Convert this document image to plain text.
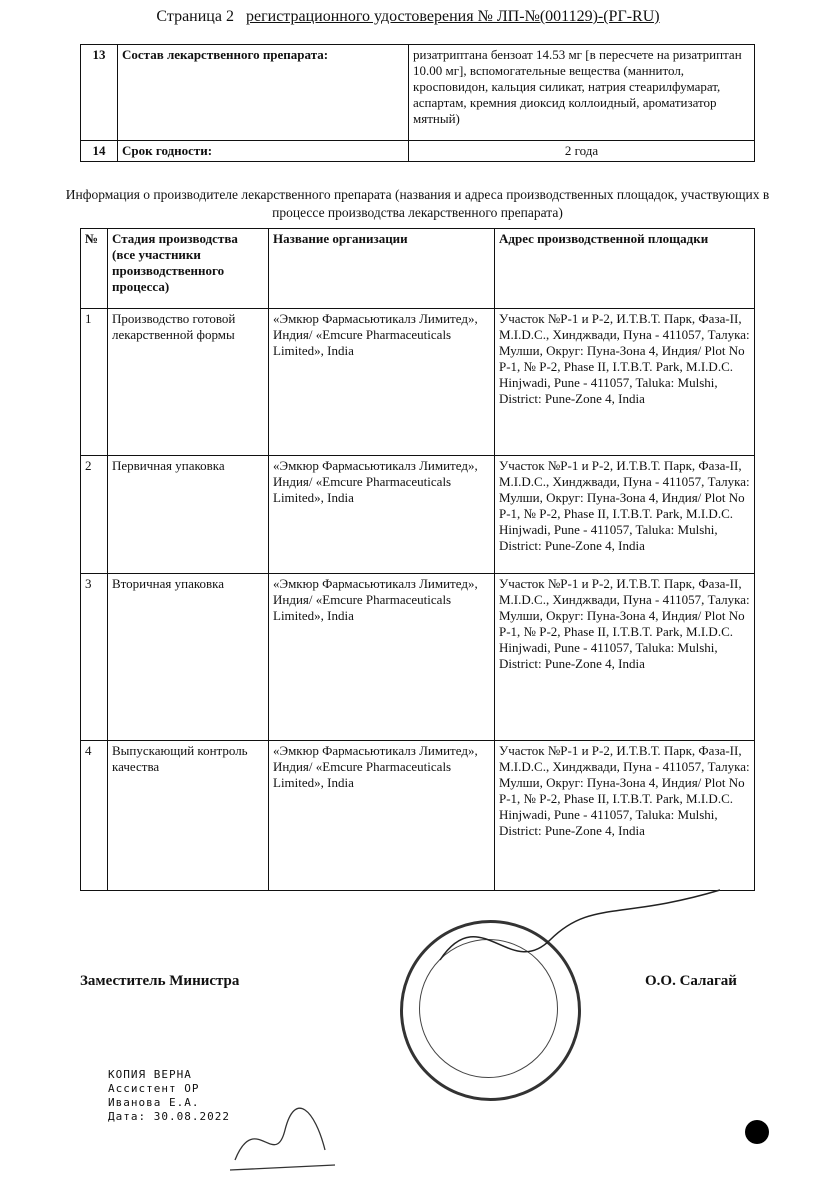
Страница 2 регистрационного удостоверения № ЛП-№(001129)-(РГ-RU)
13	Состав лекарственного препарата:	ризатриптана бензоат 14.53 мг [в пересчете на ризатриптан 10.00 мг], вспомогательные вещества (маннитол, кросповидон, кальция силикат, натрия стеарилфумарат, аспартам, кремния диоксид коллоидный, ароматизатор мятный)
14	Срок годности:	2 года
Информация о производителе лекарственного препарата (названия и адреса производственных площадок, участвующих в процессе производства лекарственного препарата)
№	Стадия производства (все участники производственного процесса)	Название организации	Адрес производственной площадки
1	Производство готовой лекарственной формы	«Эмкюр Фармасьютикалз Лимитед», Индия/ «Emcure Pharmaceuticals Limited», India	Участок №P-1 и P-2, И.Т.В.Т. Парк, Фаза-II, M.I.D.C., Хинджвади, Пуна - 411057, Талука: Мулши, Округ: Пуна-Зона 4, Индия/ Plot No P-1, № P-2, Phase II, I.T.B.T. Park, M.I.D.C. Hinjwadi, Pune - 411057, Taluka: Mulshi, District: Pune-Zone 4, India
2	Первичная упаковка	«Эмкюр Фармасьютикалз Лимитед», Индия/ «Emcure Pharmaceuticals Limited», India	Участок №P-1 и P-2, И.Т.В.Т. Парк, Фаза-II, M.I.D.C., Хинджвади, Пуна - 411057, Талука: Мулши, Округ: Пуна-Зона 4, Индия/ Plot No P-1, № P-2, Phase II, I.T.B.T. Park, M.I.D.C. Hinjwadi, Pune - 411057, Taluka: Mulshi, District: Pune-Zone 4, India
3	Вторичная упаковка	«Эмкюр Фармасьютикалз Лимитед», Индия/ «Emcure Pharmaceuticals Limited», India	Участок №P-1 и P-2, И.Т.В.Т. Парк, Фаза-II, M.I.D.C., Хинджвади, Пуна - 411057, Талука: Мулши, Округ: Пуна-Зона 4, Индия/ Plot No P-1, № P-2, Phase II, I.T.B.T. Park, M.I.D.C. Hinjwadi, Pune - 411057, Taluka: Mulshi, District: Pune-Zone 4, India
4	Выпускающий контроль качества	«Эмкюр Фармасьютикалз Лимитед», Индия/ «Emcure Pharmaceuticals Limited», India	Участок №P-1 и P-2, И.Т.В.Т. Парк, Фаза-II, M.I.D.C., Хинджвади, Пуна - 411057, Талука: Мулши, Округ: Пуна-Зона 4, Индия/ Plot No P-1, № P-2, Phase II, I.T.B.T. Park, M.I.D.C. Hinjwadi, Pune - 411057, Taluka: Mulshi, District: Pune-Zone 4, India
Заместитель Министра	О.О. Салагай
КОПИЯ ВЕРНА
Ассистент ОР
Иванова Е.А.
Дата: 30.08.2022
